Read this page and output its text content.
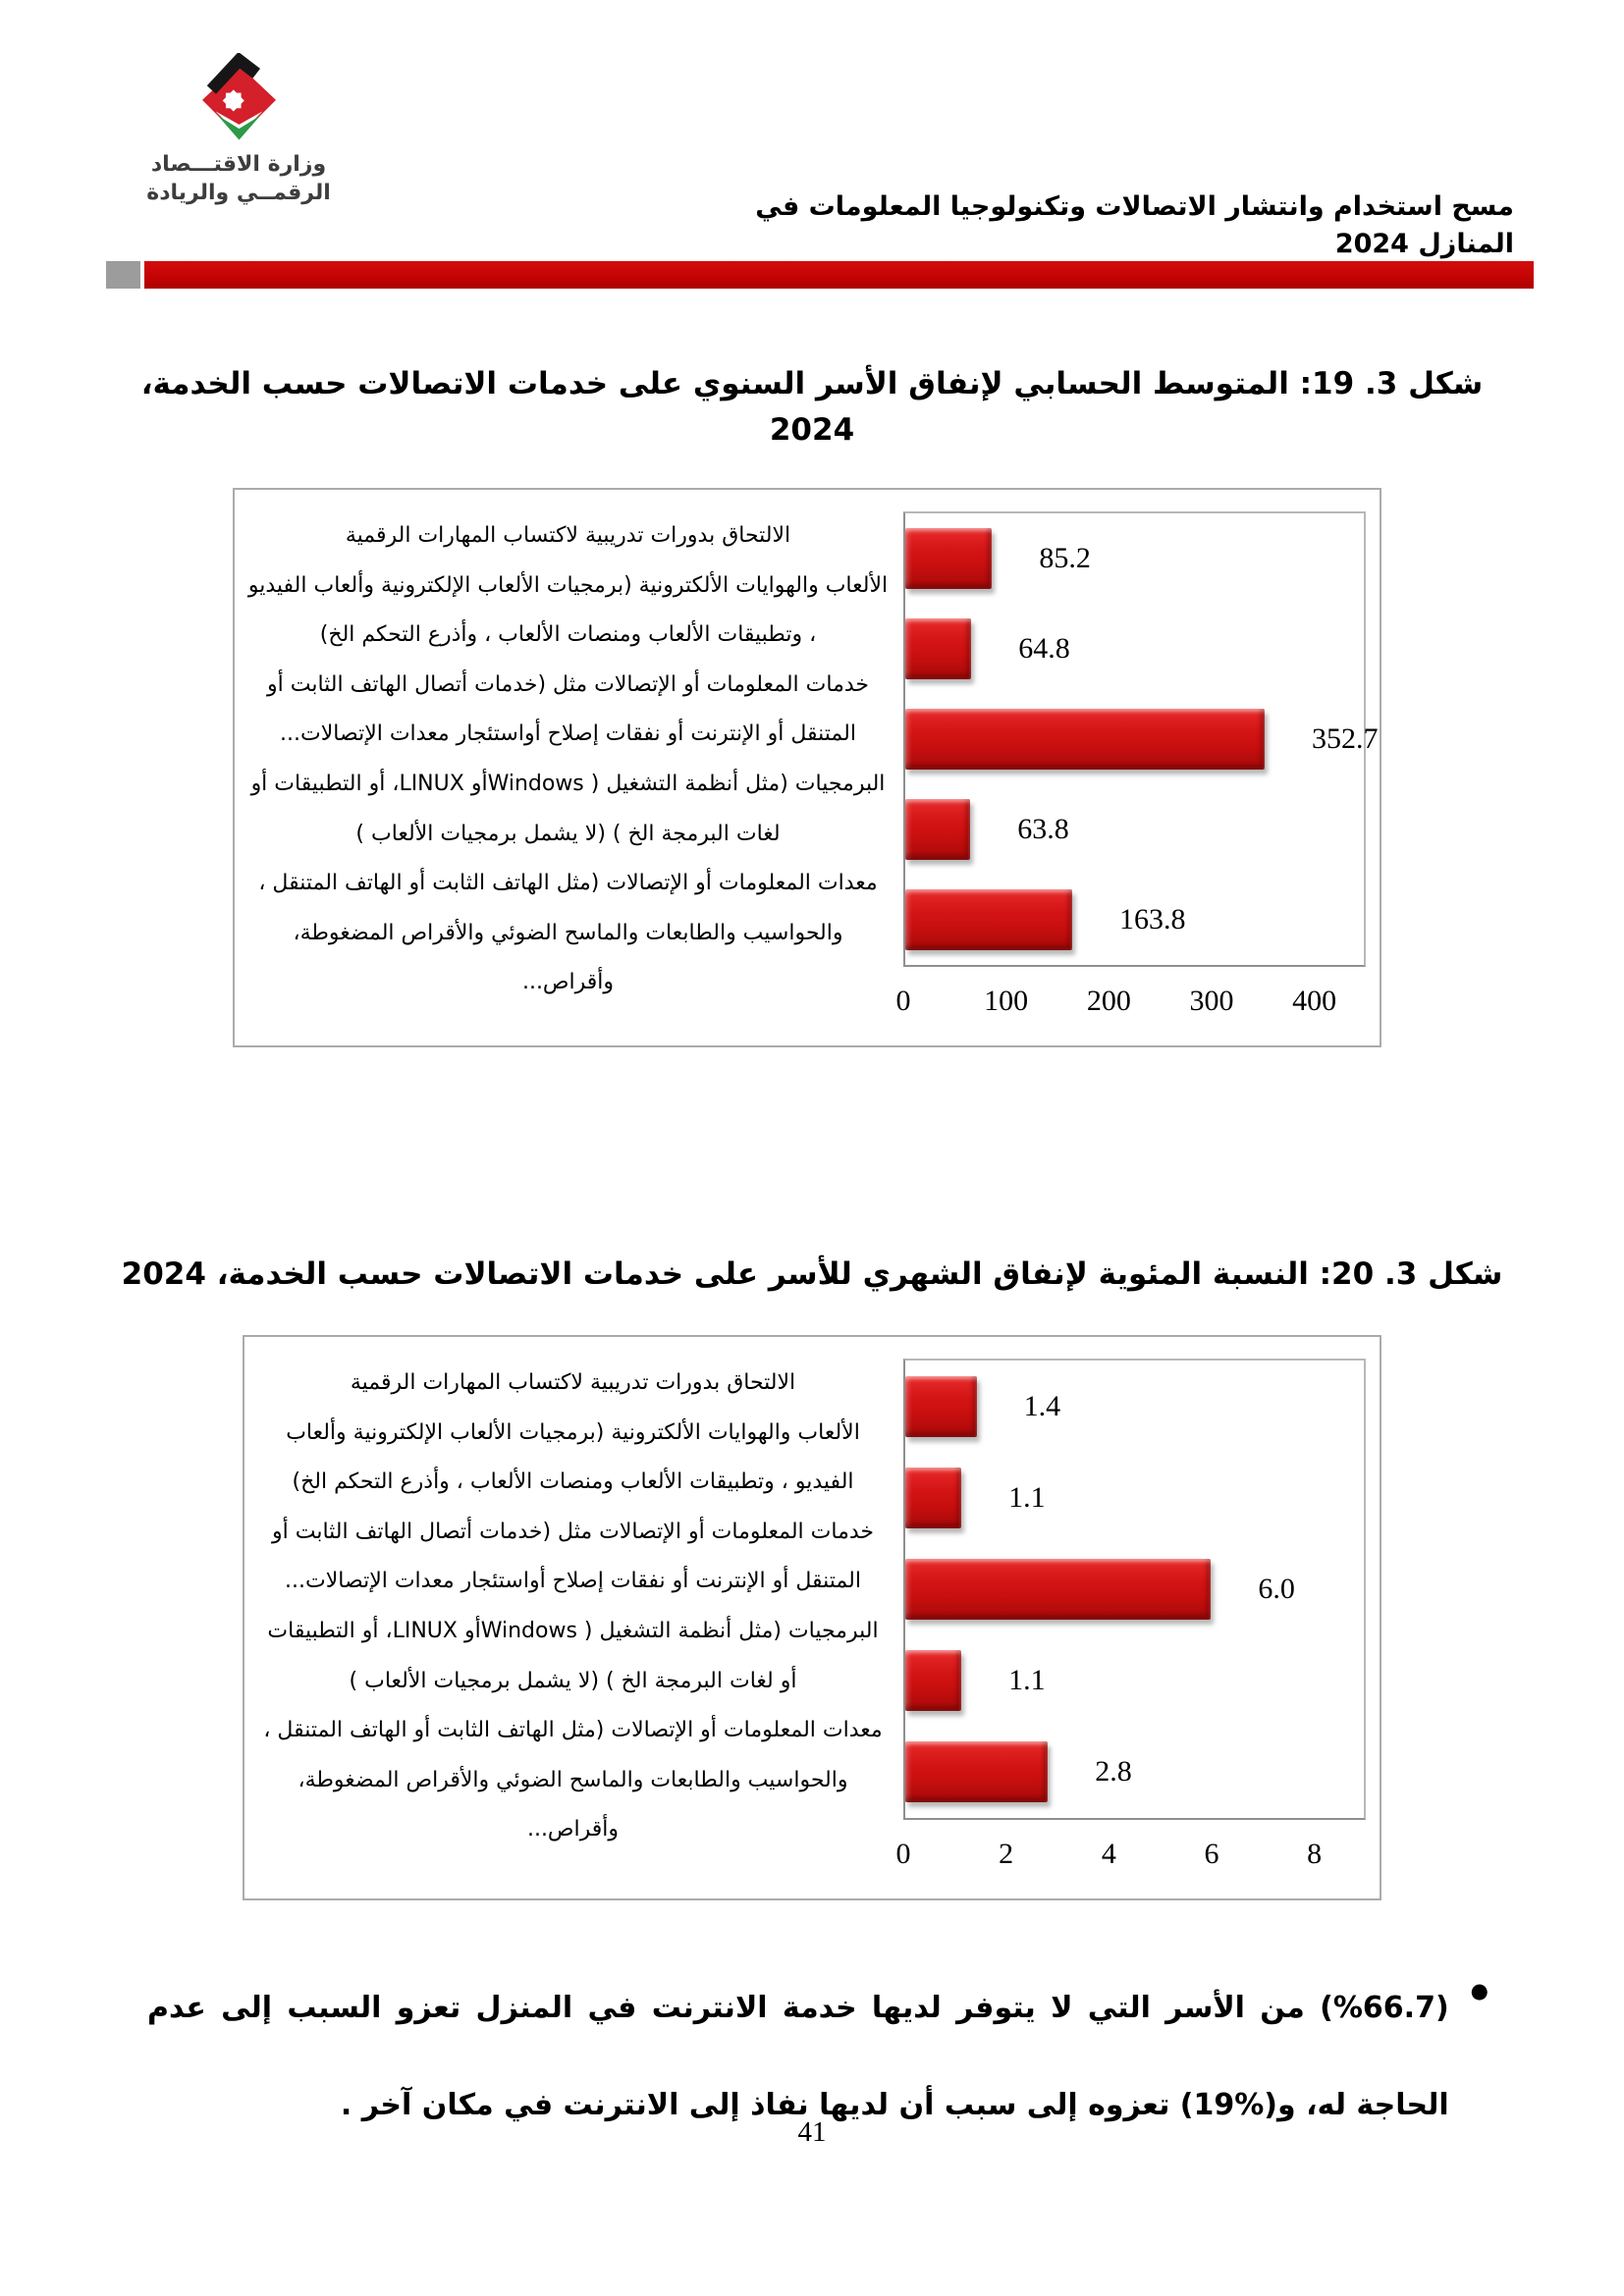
وزارة الاقتـــصاد
الرقمــي والريادة	مسح استخدام وانتشار الاتصالات وتكنولوجيا المعلومات في المنازل 2024
شكل 3. 19: المتوسط الحسابي لإنفاق الأسر السنوي على خدمات الاتصالات حسب الخدمة، 2024
الالتحاق بدورات تدريبية لاكتساب المهارات الرقمية
الألعاب والهوايات الألكترونية (برمجيات الألعاب الإلكترونية وألعاب الفيديو ، وتطبيقات الألعاب ومنصات الألعاب ، وأذرع التحكم الخ)
خدمات المعلومات أو الإتصالات مثل (خدمات أتصال الهاتف الثابت أو المتنقل أو الإنترنت أو نفقات إصلاح أواستئجار معدات الإتصالات...
البرمجيات (مثل أنظمة التشغيل ( Windowsأو LINUX، أو التطبيقات أو لغات البرمجة الخ ) (لا يشمل برمجيات الألعاب )
معدات المعلومات أو الإتصالات (مثل الهاتف الثابت أو الهاتف المتنقل ، والحواسيب والطابعات والماسح الضوئي والأقراص المضغوطة، وأقراص...
85.2
64.8
352.7
63.8
163.8
0 100 200 300 400
شكل 3. 20: النسبة المئوية لإنفاق الشهري للأسر على خدمات الاتصالات حسب الخدمة، 2024
الالتحاق بدورات تدريبية لاكتساب المهارات الرقمية
الألعاب والهوايات الألكترونية (برمجيات الألعاب الإلكترونية وألعاب الفيديو ، وتطبيقات الألعاب ومنصات الألعاب ، وأذرع التحكم الخ)
خدمات المعلومات أو الإتصالات مثل (خدمات أتصال الهاتف الثابت أو المتنقل أو الإنترنت أو نفقات إصلاح أواستئجار معدات الإتصالات...
البرمجيات (مثل أنظمة التشغيل ( Windowsأو LINUX، أو التطبيقات أو لغات البرمجة الخ ) (لا يشمل برمجيات الألعاب )
معدات المعلومات أو الإتصالات (مثل الهاتف الثابت أو الهاتف المتنقل ، والحواسيب والطابعات والماسح الضوئي والأقراص المضغوطة، وأقراص...
1.4
1.1
6.0
1.1
2.8
0	2	4	6	8
●
(%66.7) من الأسر التي لا يتوفر لديها خدمة الانترنت في المنزل تعزو السبب إلى عدم الحاجة له، و(%19) تعزوه إلى سبب أن لديها نفاذ إلى الانترنت في مكان آخر .
41
